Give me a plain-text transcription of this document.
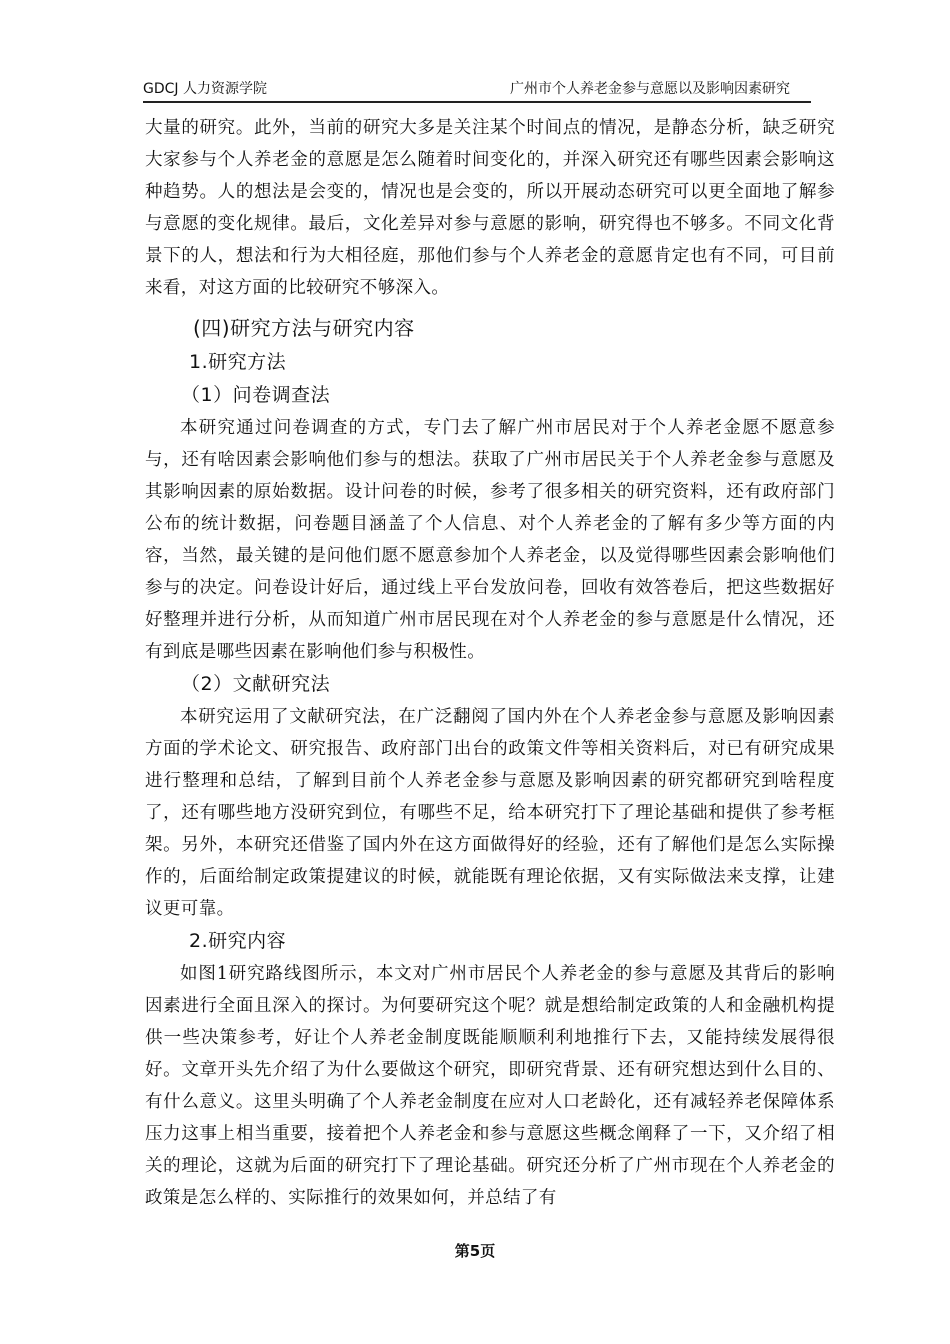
GDCJ 人力资源学院	广州市个人养老金参与意愿以及影响因素研究

大量的研究。此外，当前的研究大多是关注某个时间点的情况，是静态分析，缺乏研究大家参与个人养老金的意愿是怎么随着时间变化的，并深入研究还有哪些因素会影响这种趋势。人的想法是会变的，情况也是会变的，所以开展动态研究可以更全面地了解参与意愿的变化规律。最后，文化差异对参与意愿的影响，研究得也不够多。不同文化背景下的人，想法和行为大相径庭，那他们参与个人养老金的意愿肯定也有不同，可目前来看，对这方面的比较研究不够深入。

(四)研究方法与研究内容
1.研究方法
（1）问卷调查法

本研究通过问卷调查的方式，专门去了解广州市居民对于个人养老金愿不愿意参与，还有啥因素会影响他们参与的想法。获取了广州市居民关于个人养老金参与意愿及其影响因素的原始数据。设计问卷的时候，参考了很多相关的研究资料，还有政府部门公布的统计数据，问卷题目涵盖了个人信息、对个人养老金的了解有多少等方面的内容，当然，最关键的是问他们愿不愿意参加个人养老金，以及觉得哪些因素会影响他们参与的决定。问卷设计好后，通过线上平台发放问卷，回收有效答卷后，把这些数据好好整理并进行分析，从而知道广州市居民现在对个人养老金的参与意愿是什么情况，还有到底是哪些因素在影响他们参与积极性。

（2）文献研究法

本研究运用了文献研究法，在广泛翻阅了国内外在个人养老金参与意愿及影响因素方面的学术论文、研究报告、政府部门出台的政策文件等相关资料后，对已有研究成果进行整理和总结，了解到目前个人养老金参与意愿及影响因素的研究都研究到啥程度了，还有哪些地方没研究到位，有哪些不足，给本研究打下了理论基础和提供了参考框架。另外，本研究还借鉴了国内外在这方面做得好的经验，还有了解他们是怎么实际操作的，后面给制定政策提建议的时候，就能既有理论依据，又有实际做法来支撑，让建议更可靠。

2.研究内容

如图1研究路线图所示，本文对广州市居民个人养老金的参与意愿及其背后的影响因素进行全面且深入的探讨。为何要研究这个呢？就是想给制定政策的人和金融机构提供一些决策参考，好让个人养老金制度既能顺顺利利地推行下去，又能持续发展得很好。文章开头先介绍了为什么要做这个研究，即研究背景、还有研究想达到什么目的、有什么意义。这里头明确了个人养老金制度在应对人口老龄化，还有减轻养老保障体系压力这事上相当重要，接着把个人养老金和参与意愿这些概念阐释了一下，又介绍了相关的理论，这就为后面的研究打下了理论基础。研究还分析了广州市现在个人养老金的政策是怎么样的、实际推行的效果如何，并总结了有

第5页
